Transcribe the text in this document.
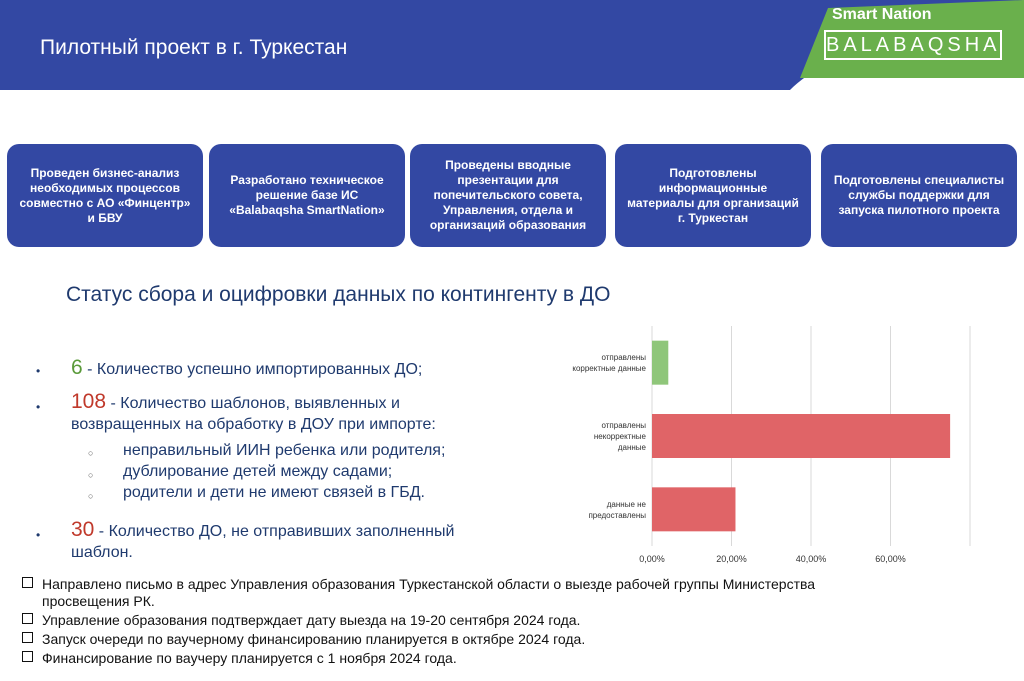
Пилотный проект в г. Туркестан
Smart Nation
BALABAQSHA
Проведен бизнес-анализ необходимых процессов совместно с АО «Финцентр» и БВУ
Разработано техническое решение базе ИС «Balabaqsha SmartNation»
Проведены вводные презентации для попечительского совета, Управления, отдела и организаций образования
Подготовлены информационные материалы для организаций г. Туркестан
Подготовлены специалисты службы поддержки для запуска пилотного проекта
Статус сбора и оцифровки данных по контингенту в ДО
• 6 - Количество успешно импортированных ДО;
• 108 - Количество шаблонов, выявленных и
возвращенных на обработку в ДОУ при импорте:
○ неправильный ИИН ребенка или родителя;
○ дублирование детей между садами;
○ родители и дети не имеют связей в ГБД.
• 30 - Количество ДО, не отправивших заполненный
шаблон.	0,00%	20,00%	40,00%	60,00%
отправлены корректные данные
отправлены некорректные данные
данные не предоставлены
Направлено письмо в адрес Управления образования Туркестанской области о выезде рабочей группы Министерства
просвещения РК.
Управление образования подтверждает дату выезда на 19-20 сентября 2024 года.
Запуск очереди по ваучерному финансированию планируется в октябре 2024 года.
Финансирование по ваучеру планируется с 1 ноября 2024 года.
